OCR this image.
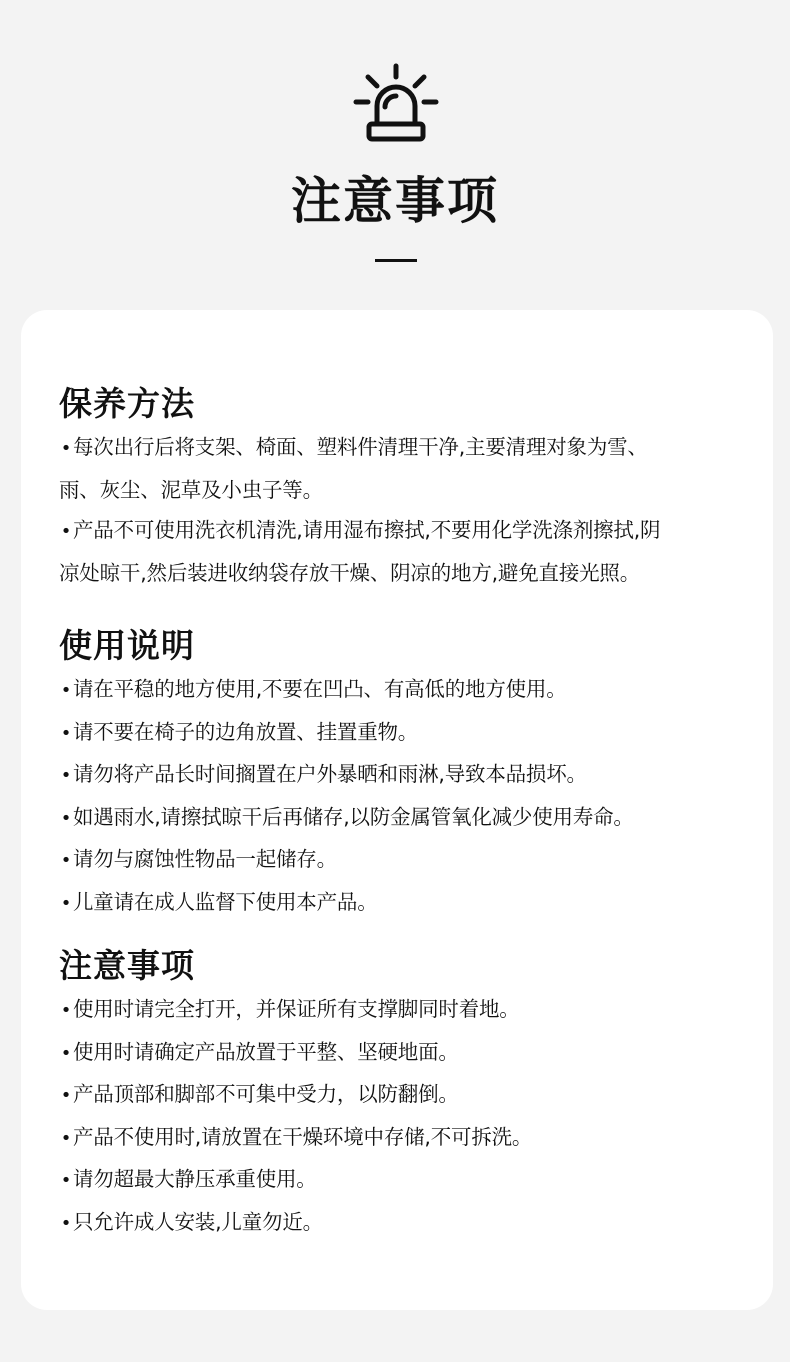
注意事项
保养方法
•每次出行后将支架、椅面、塑料件清理干净,主要清理对象为雪、
雨、灰尘、泥草及小虫子等。
•产品不可使用洗衣机清洗,请用湿布擦拭,不要用化学洗涤剂擦拭,阴
凉处晾干,然后装进收纳袋存放干燥、阴凉的地方,避免直接光照。
使用说明
•请在平稳的地方使用,不要在凹凸、有高低的地方使用。
•请不要在椅子的边角放置、挂置重物。
•请勿将产品长时间搁置在户外暴晒和雨淋,导致本品损坏。
•如遇雨水,请擦拭晾干后再储存,以防金属管氧化减少使用寿命。
•请勿与腐蚀性物品一起储存。
•儿童请在成人监督下使用本产品。
注意事项
•使用时请完全打开，并保证所有支撑脚同时着地。
•使用时请确定产品放置于平整、坚硬地面。
•产品顶部和脚部不可集中受力，以防翻倒。
•产品不使用时,请放置在干燥环境中存储,不可拆洗。
•请勿超最大静压承重使用。
•只允许成人安装,儿童勿近。
